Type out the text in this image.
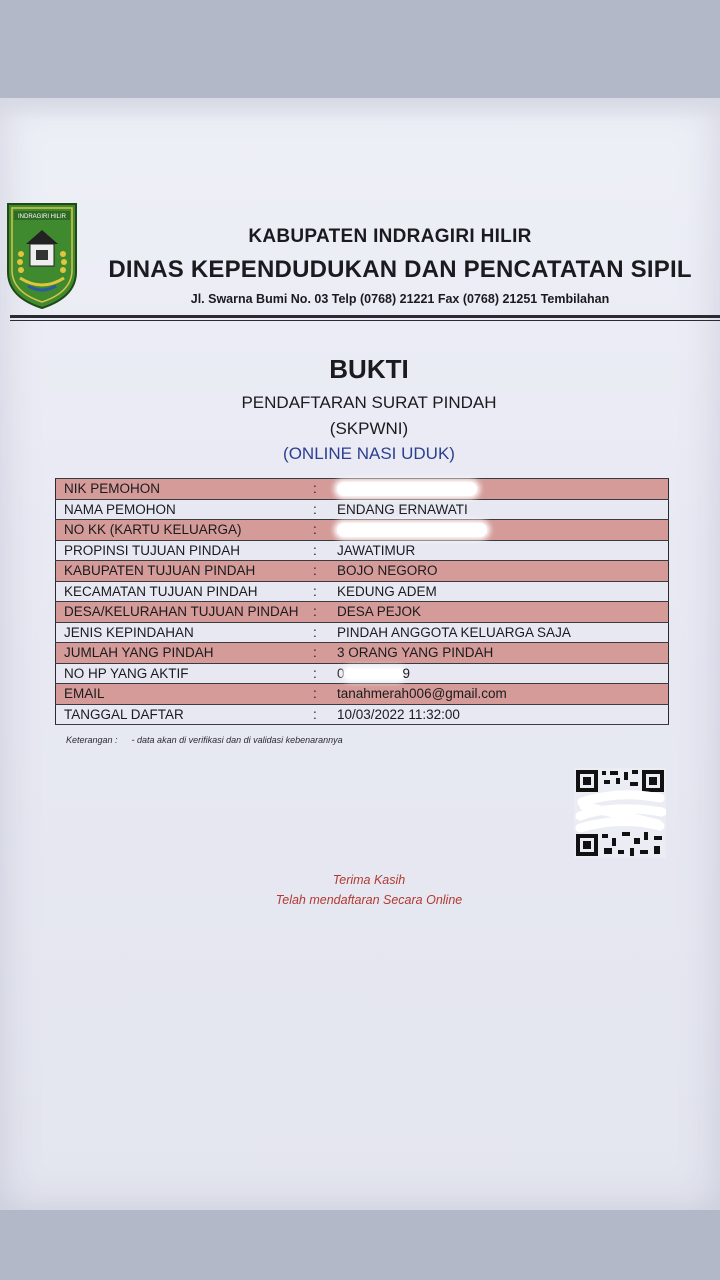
INDRAGIRI HILIR
KABUPATEN INDRAGIRI HILIR
DINAS KEPENDUDUKAN DAN PENCATATAN SIPIL
Jl. Swarna Bumi No. 03 Telp (0768) 21221 Fax (0768) 21251 Tembilahan
BUKTI
PENDAFTARAN SURAT PINDAH
(SKPWNI)
(ONLINE NASI UDUK)
NIK PEMOHON	:	
NAMA PEMOHON	:	ENDANG ERNAWATI
NO KK (KARTU KELUARGA)	:	
PROPINSI TUJUAN PINDAH	:	JAWATIMUR
KABUPATEN TUJUAN PINDAH	:	BOJO NEGORO
KECAMATAN TUJUAN PINDAH	:	KEDUNG ADEM
DESA/KELURAHAN TUJUAN PINDAH	:	DESA PEJOK
JENIS KEPINDAHAN	:	PINDAH ANGGOTA KELUARGA SAJA
JUMLAH YANG PINDAH	:	3 ORANG YANG PINDAH
NO HP YANG AKTIF	:	0 9
EMAIL	:	tanahmerah006@gmail.com
TANGGAL DAFTAR	:	10/03/2022 11:32:00
Keterangan : - data akan di verifikasi dan di validasi kebenarannya
Terima Kasih
Telah mendaftaran Secara Online
